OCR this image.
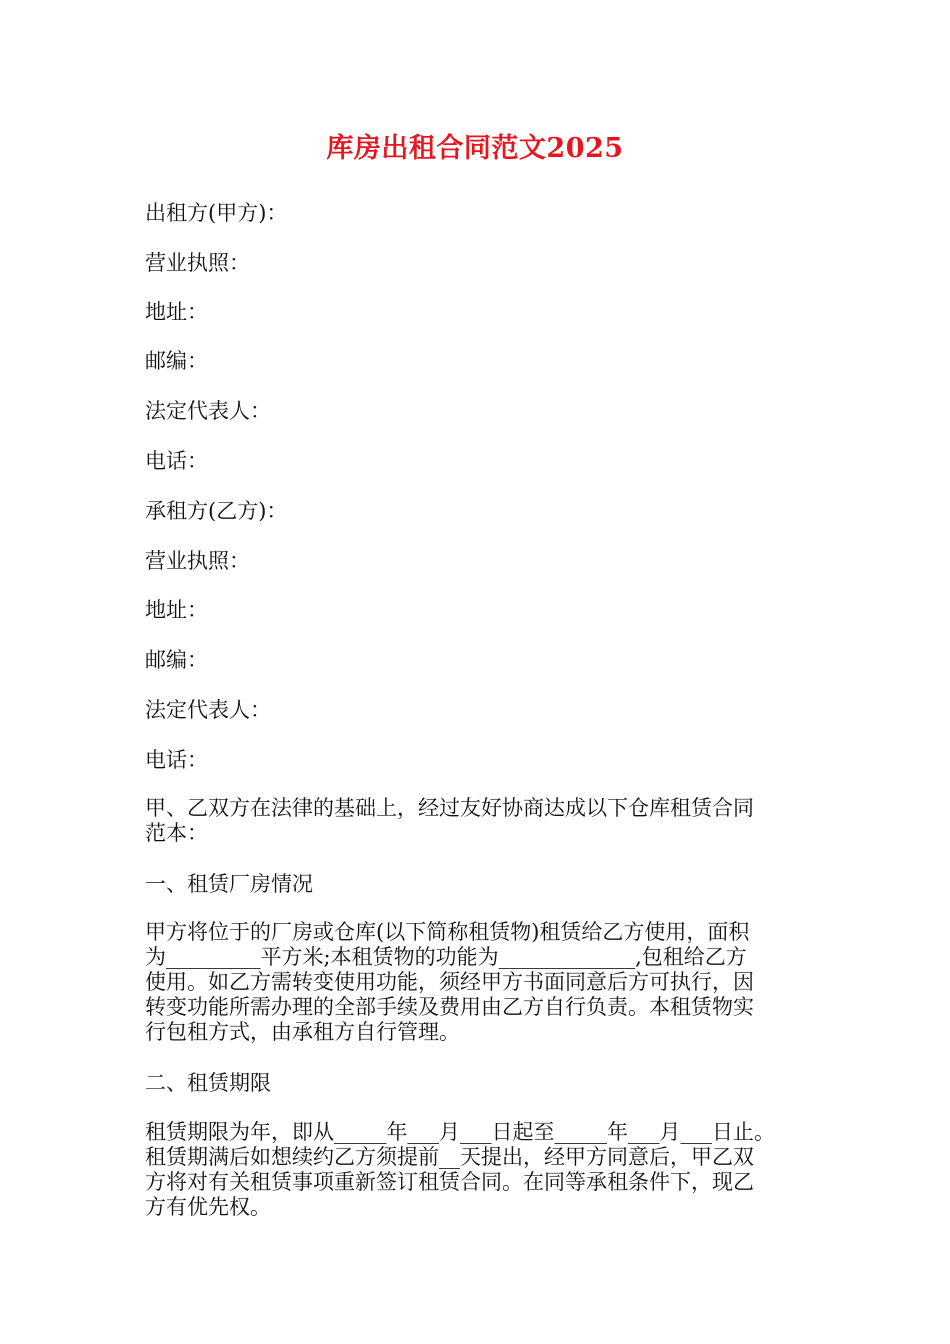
库房出租合同范文2025
出租方(甲方)：
营业执照：
地址：
邮编：
法定代表人：
电话：
承租方(乙方)：
营业执照：
地址：
邮编：
法定代表人：
电话：
甲、乙双方在法律的基础上，经过友好协商达成以下仓库租赁合同
范本：
一、租赁厂房情况
甲方将位于的厂房或仓库(以下简称租赁物)租赁给乙方使用，面积
为_________平方米;本租赁物的功能为_____________,包租给乙方
使用。如乙方需转变使用功能，须经甲方书面同意后方可执行，因
转变功能所需办理的全部手续及费用由乙方自行负责。本租赁物实
行包租方式，由承租方自行管理。
二、租赁期限
租赁期限为年，即从_____年___月___日起至_____年___月___日止。
租赁期满后如想续约乙方须提前__天提出，经甲方同意后，甲乙双
方将对有关租赁事项重新签订租赁合同。在同等承租条件下，现乙
方有优先权。
